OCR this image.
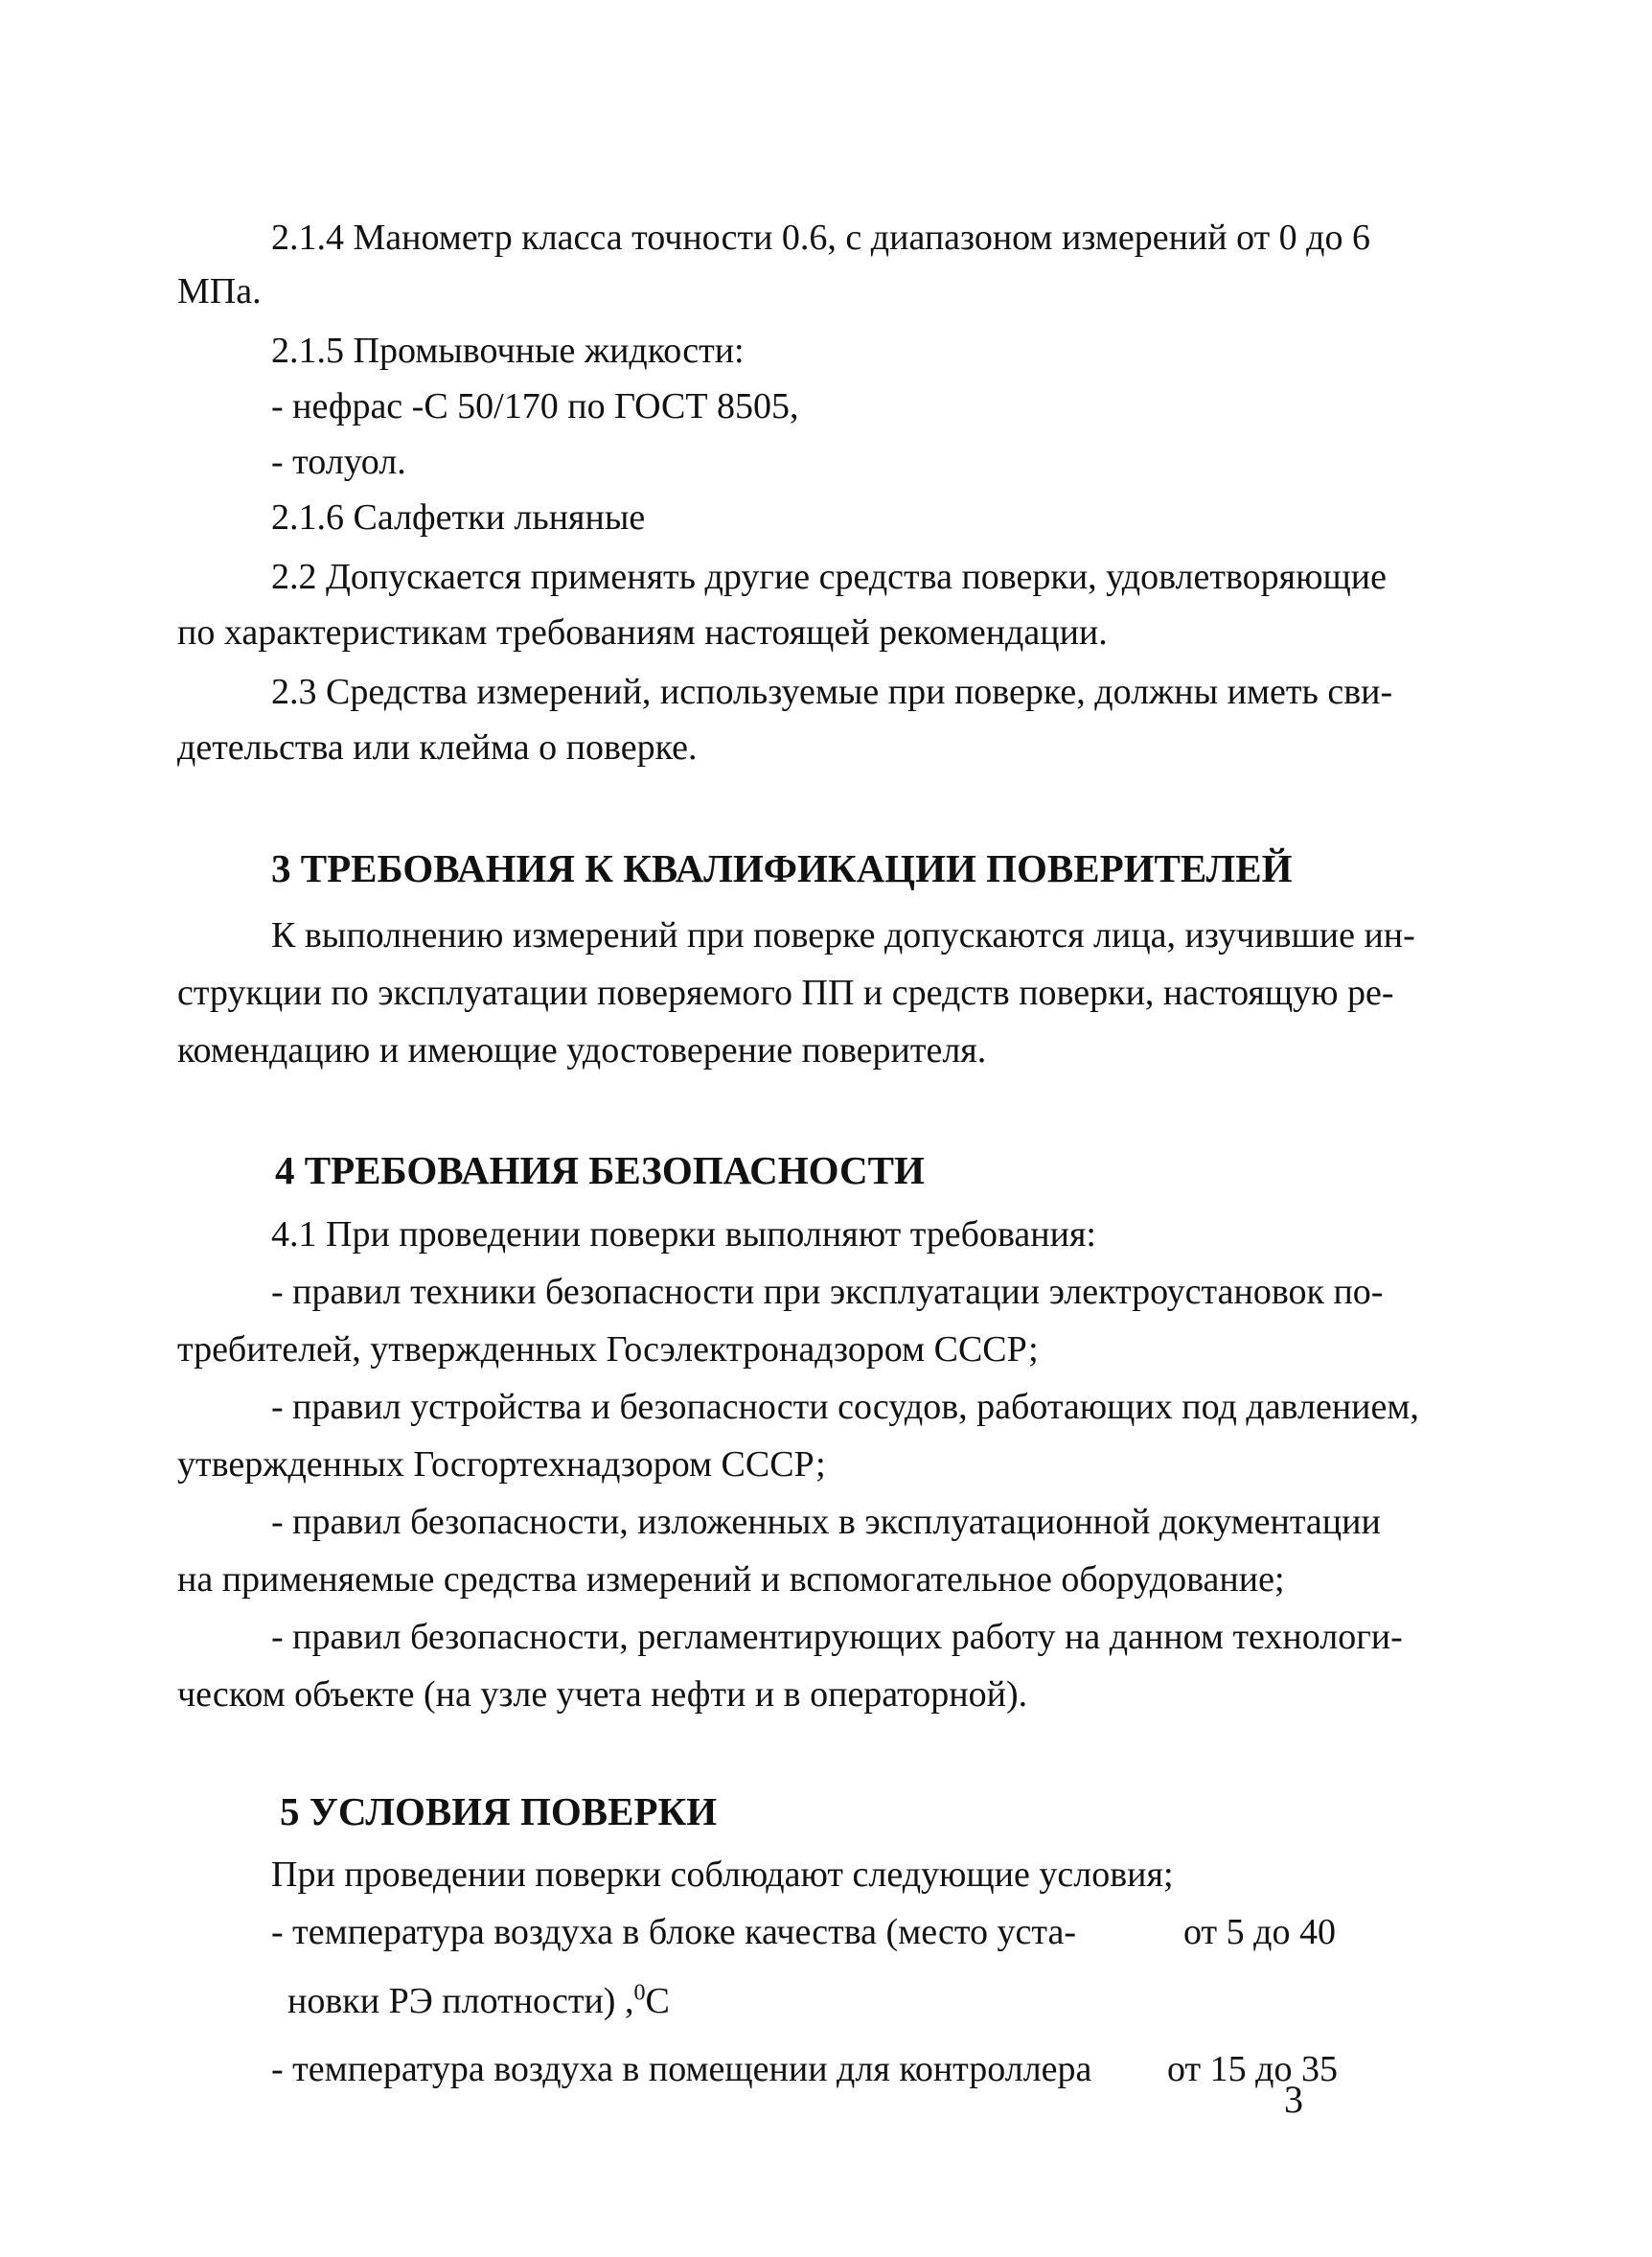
2.1.4 Манометр класса точности 0.6, с диапазоном измерений от 0 до 6
МПа.
2.1.5 Промывочные жидкости:
- нефрас -С 50/170 по ГОСТ 8505,
- толуол.
2.1.6 Салфетки льняные
2.2 Допускается применять другие средства поверки, удовлетворяющие
по характеристикам требованиям настоящей рекомендации.
2.3 Средства измерений, используемые при поверке, должны иметь сви-
детельства или клейма о поверке.
3 ТРЕБОВАНИЯ К КВАЛИФИКАЦИИ ПОВЕРИТЕЛЕЙ
К выполнению измерений при поверке допускаются лица, изучившие ин-
струкции по эксплуатации поверяемого ПП и средств поверки, настоящую ре-
комендацию и имеющие удостоверение поверителя.
4 ТРЕБОВАНИЯ БЕЗОПАСНОСТИ
4.1 При проведении поверки выполняют требования:
- правил техники безопасности при эксплуатации электроустановок по-
требителей, утвержденных Госэлектронадзором СССР;
- правил устройства и безопасности сосудов, работающих под давлением,
утвержденных Госгортехнадзором СССР;
- правил безопасности, изложенных в эксплуатационной документации
на применяемые средства измерений и вспомогательное оборудование;
- правил безопасности, регламентирующих работу на данном технологи-
ческом объекте (на узле учета нефти и в операторной).
5 УСЛОВИЯ ПОВЕРКИ
При проведении поверки соблюдают следующие условия;
- температура воздуха в блоке качества (место уста-	от 5 до 40
новки РЭ плотности) ,$^0$С
- температура воздуха в помещении для контроллера от 15 до 35
3
